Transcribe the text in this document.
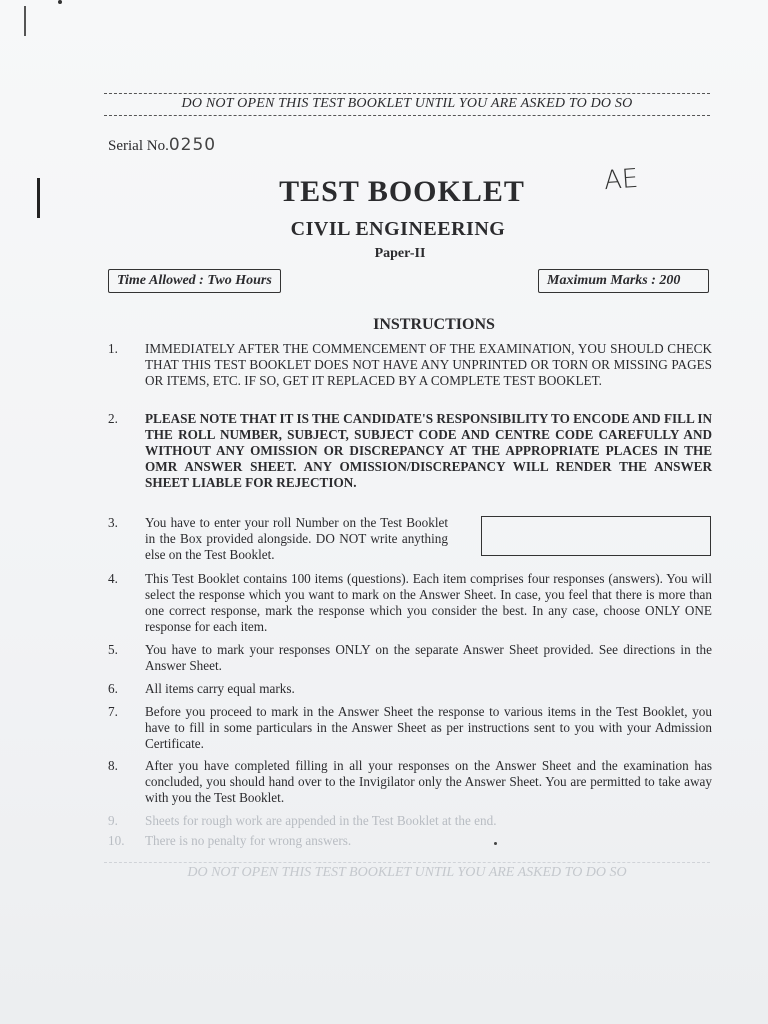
DO NOT OPEN THIS TEST BOOKLET UNTIL YOU ARE ASKED TO DO SO
Serial No.0250
AE
TEST BOOKLET
CIVIL ENGINEERING
Paper-II
Time Allowed : Two Hours	Maximum Marks : 200
INSTRUCTIONS
1. IMMEDIATELY AFTER THE COMMENCEMENT OF THE EXAMINATION, YOU SHOULD CHECK THAT THIS TEST BOOKLET DOES NOT HAVE ANY UNPRINTED OR TORN OR MISSING PAGES OR ITEMS, ETC. IF SO, GET IT REPLACED BY A COMPLETE TEST BOOKLET.
2. PLEASE NOTE THAT IT IS THE CANDIDATE'S RESPONSIBILITY TO ENCODE AND FILL IN THE ROLL NUMBER, SUBJECT, SUBJECT CODE AND CENTRE CODE CAREFULLY AND WITHOUT ANY OMISSION OR DISCREPANCY AT THE APPROPRIATE PLACES IN THE OMR ANSWER SHEET. ANY OMISSION/DISCREPANCY WILL RENDER THE ANSWER SHEET LIABLE FOR REJECTION.
3. You have to enter your roll Number on the Test Booklet in the Box provided alongside. DO NOT write anything else on the Test Booklet.
4. This Test Booklet contains 100 items (questions). Each item comprises four responses (answers). You will select the response which you want to mark on the Answer Sheet. In case, you feel that there is more than one correct response, mark the response which you consider the best. In any case, choose ONLY ONE response for each item.
5. You have to mark your responses ONLY on the separate Answer Sheet provided. See directions in the Answer Sheet.
6. All items carry equal marks.
7. Before you proceed to mark in the Answer Sheet the response to various items in the Test Booklet, you have to fill in some particulars in the Answer Sheet as per instructions sent to you with your Admission Certificate.
8. After you have completed filling in all your responses on the Answer Sheet and the examination has concluded, you should hand over to the Invigilator only the Answer Sheet. You are permitted to take away with you the Test Booklet.
9. Sheets for rough work are appended in the Test Booklet at the end.
10. There is no penalty for wrong answers.
DO NOT OPEN THIS TEST BOOKLET UNTIL YOU ARE ASKED TO DO SO
